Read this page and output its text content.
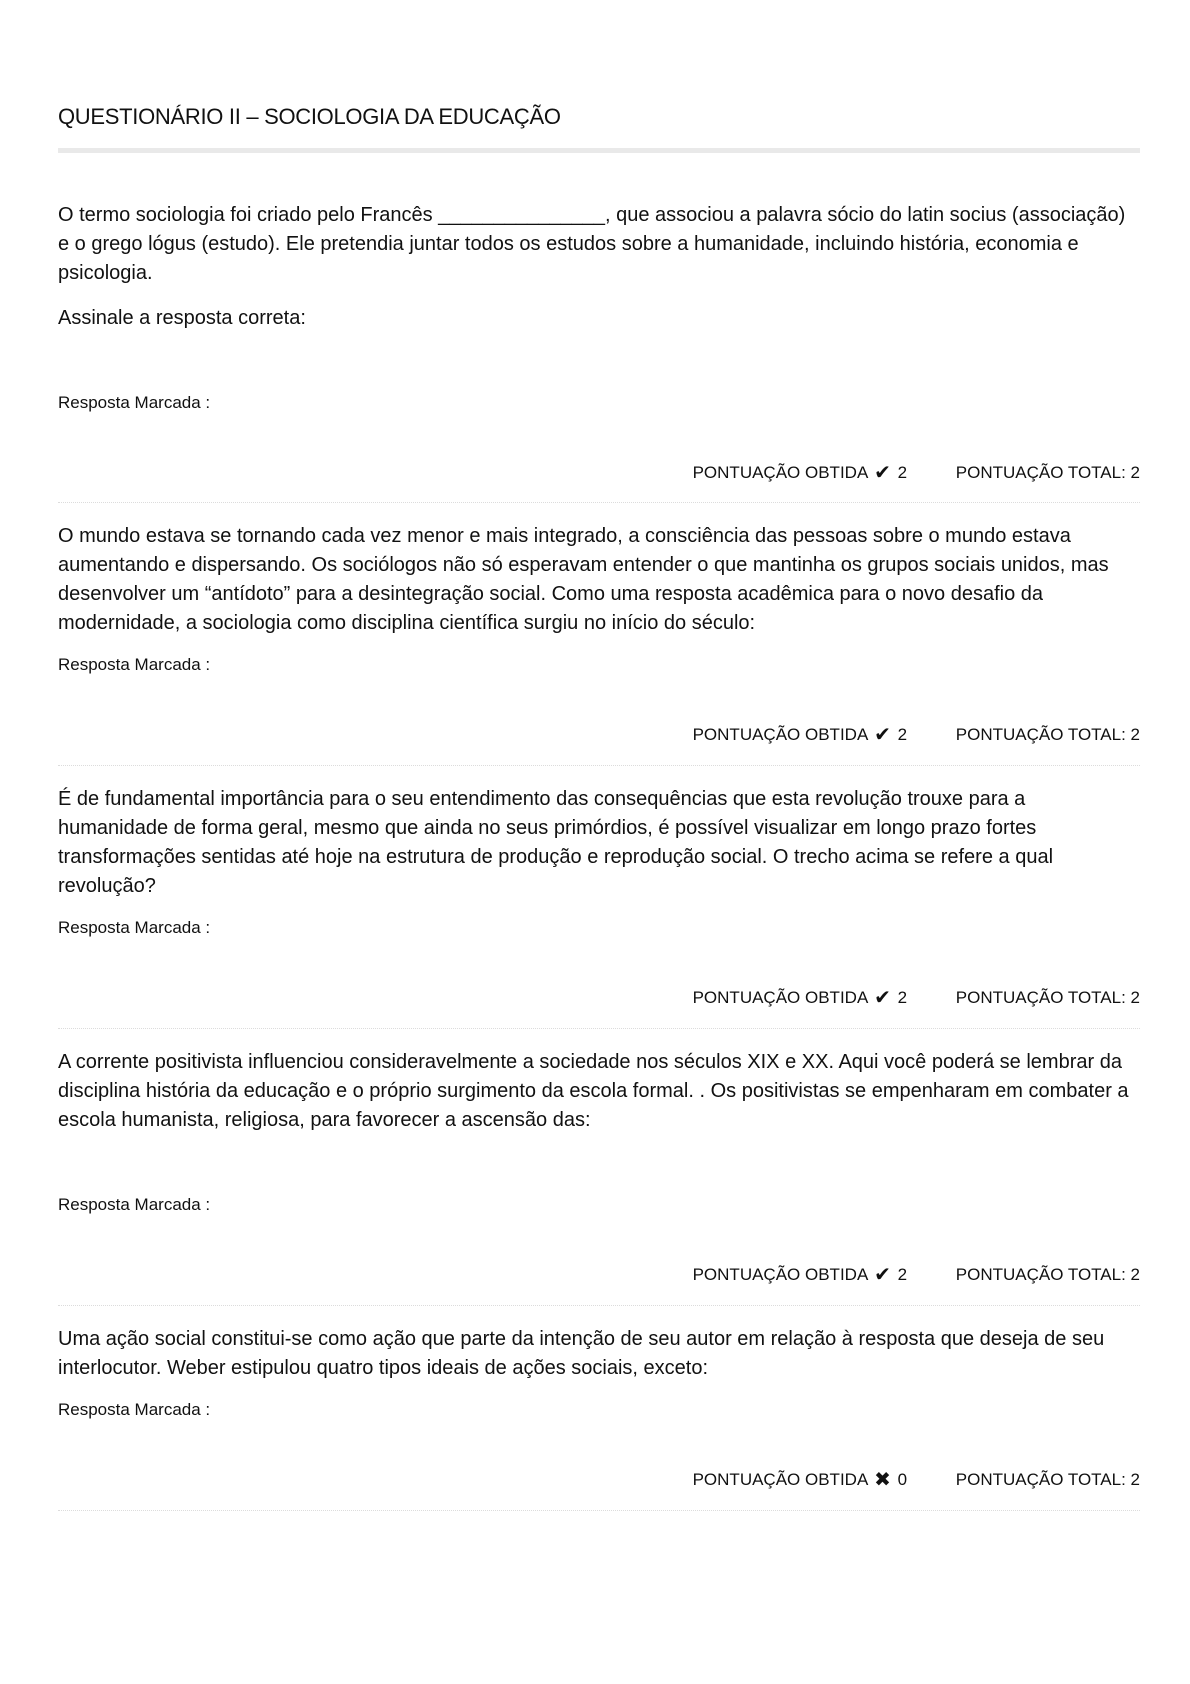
QUESTIONÁRIO II – SOCIOLOGIA DA EDUCAÇÃO

O termo sociologia foi criado pelo Francês _______________, que associou a palavra sócio do latin socius (associação) e o grego lógus (estudo). Ele pretendia juntar todos os estudos sobre a humanidade, incluindo história, economia e psicologia.

Assinale a resposta correta:

Resposta Marcada :
PONTUAÇÃO OBTIDA ✔ 2	PONTUAÇÃO TOTAL: 2

O mundo estava se tornando cada vez menor e mais integrado, a consciência das pessoas sobre o mundo estava aumentando e dispersando. Os sociólogos não só esperavam entender o que mantinha os grupos sociais unidos, mas desenvolver um “antídoto” para a desintegração social. Como uma resposta acadêmica para o novo desafio da modernidade, a sociologia como disciplina científica surgiu no início do século:

Resposta Marcada :
PONTUAÇÃO OBTIDA ✔ 2	PONTUAÇÃO TOTAL: 2

É de fundamental importância para o seu entendimento das consequências que esta revolução trouxe para a humanidade de forma geral, mesmo que ainda no seus primórdios, é possível visualizar em longo prazo fortes transformações sentidas até hoje na estrutura de produção e reprodução social. O trecho acima se refere a qual revolução?

Resposta Marcada :
PONTUAÇÃO OBTIDA ✔ 2	PONTUAÇÃO TOTAL: 2

A corrente positivista influenciou consideravelmente a sociedade nos séculos XIX e XX. Aqui você poderá se lembrar da disciplina história da educação e o próprio surgimento da escola formal. . Os positivistas se empenharam em combater a escola humanista, religiosa, para favorecer a ascensão das:

Resposta Marcada :
PONTUAÇÃO OBTIDA ✔ 2	PONTUAÇÃO TOTAL: 2

Uma ação social constitui-se como ação que parte da intenção de seu autor em relação à resposta que deseja de seu interlocutor. Weber estipulou quatro tipos ideais de ações sociais, exceto:

Resposta Marcada :
PONTUAÇÃO OBTIDA ✖ 0	PONTUAÇÃO TOTAL: 2
